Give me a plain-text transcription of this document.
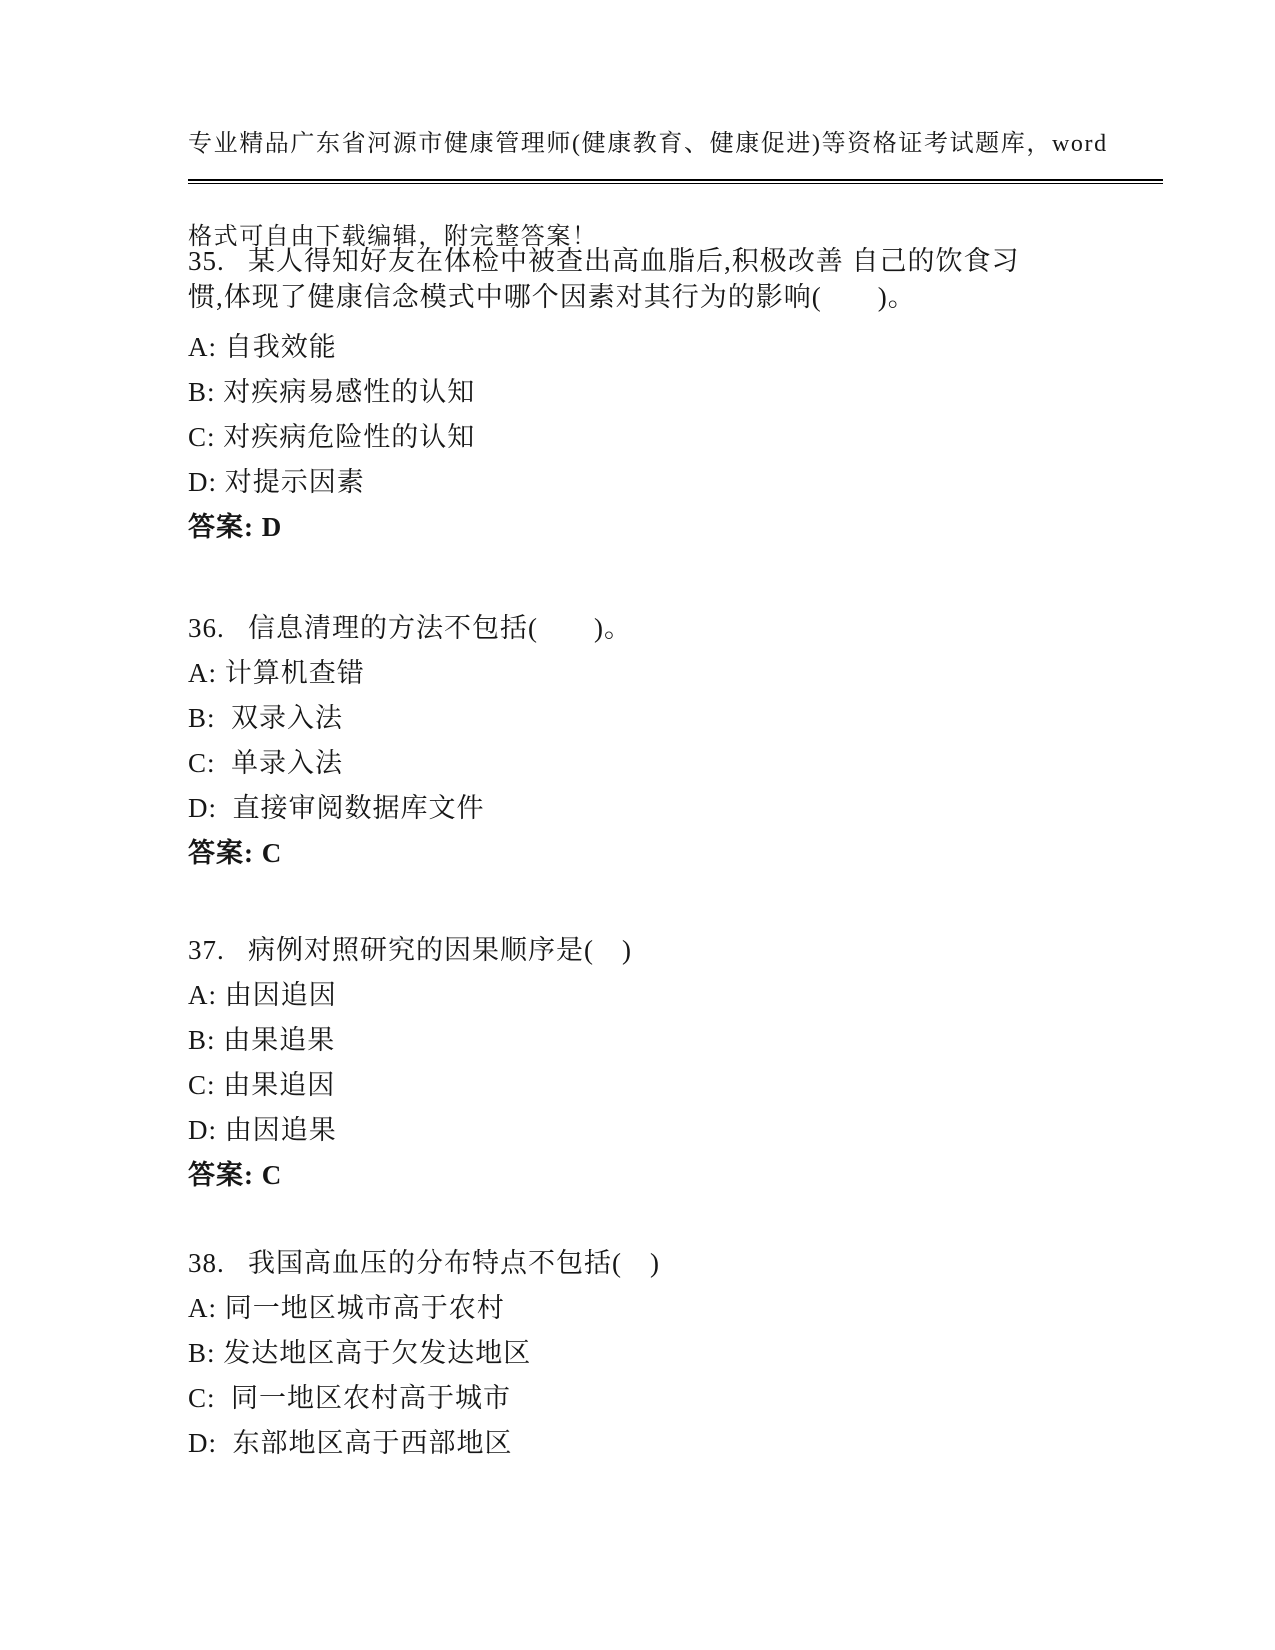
专业精品广东省河源市健康管理师(健康教育、健康促进)等资格证考试题库，word

格式可自由下载编辑，附完整答案！

35. 某人得知好友在体检中被查出高血脂后,积极改善 自己的饮食习
惯,体现了健康信念模式中哪个因素对其行为的影响(　　)。
A: 自我效能
B: 对疾病易感性的认知
C: 对疾病危险性的认知
D: 对提示因素
答案: D
36. 信息清理的方法不包括(　　)。
A: 计算机查错
B:  双录入法
C:  单录入法
D:  直接审阅数据库文件
答案: C
37. 病例对照研究的因果顺序是(　)
A: 由因追因
B: 由果追果
C: 由果追因
D: 由因追果
答案: C
38. 我国高血压的分布特点不包括(　)
A: 同一地区城市高于农村
B: 发达地区高于欠发达地区
C:  同一地区农村高于城市
D:  东部地区高于西部地区
